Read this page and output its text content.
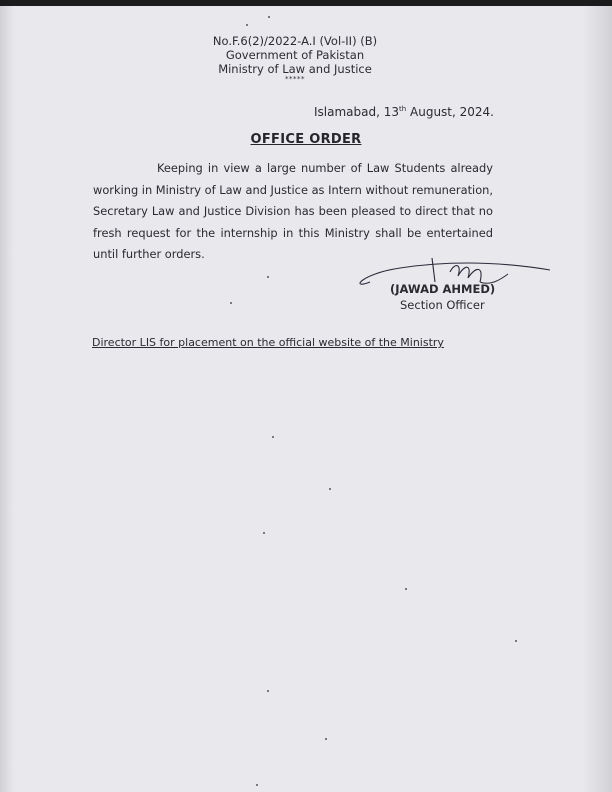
No.F.6(2)/2022-A.I (Vol-II) (B)
Government of Pakistan
Ministry of Law and Justice
*****
Islamabad, 13th August, 2024.
OFFICE ORDER
Keeping in view a large number of Law Students already working in Ministry of Law and Justice as Intern without remuneration, Secretary Law and Justice Division has been pleased to direct that no fresh request for the internship in this Ministry shall be entertained until further orders.
(JAWAD AHMED)
Section Officer
Director LIS for placement on the official website of the Ministry
